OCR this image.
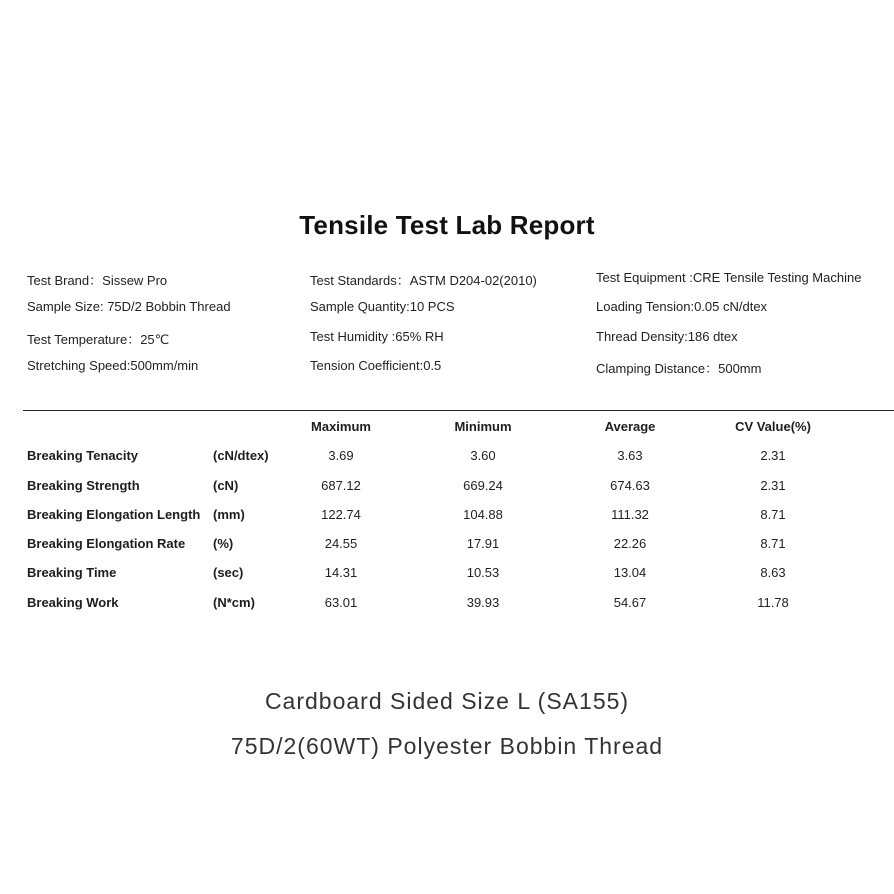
Tensile Test Lab Report
Test Brand：Sissew Pro	Test Standards：ASTM D204-02(2010)	Test Equipment :CRE Tensile Testing Machine
Sample Size: 75D/2 Bobbin Thread	Sample Quantity:10 PCS	Loading Tension:0.05 cN/dtex
Test Temperature：25℃	Test Humidity :65% RH	Thread Density:186 dtex
Stretching Speed:500mm/min	Tension Coefficient:0.5	Clamping Distance：500mm
Maximum	Minimum	Average	CV Value(%)
Breaking Tenacity	(cN/dtex)	3.69	3.60	3.63	2.31
Breaking Strength	(cN)	687.12	669.24	674.63	2.31
Breaking Elongation Length (mm)	122.74	104.88	111.32	8.71
Breaking Elongation Rate (%)	24.55	17.91	22.26	8.71
Breaking Time	(sec)	14.31	10.53	13.04	8.63
Breaking Work	(N*cm)	63.01	39.93	54.67	11.78
Cardboard Sided Size L (SA155)
75D/2(60WT) Polyester Bobbin Thread
